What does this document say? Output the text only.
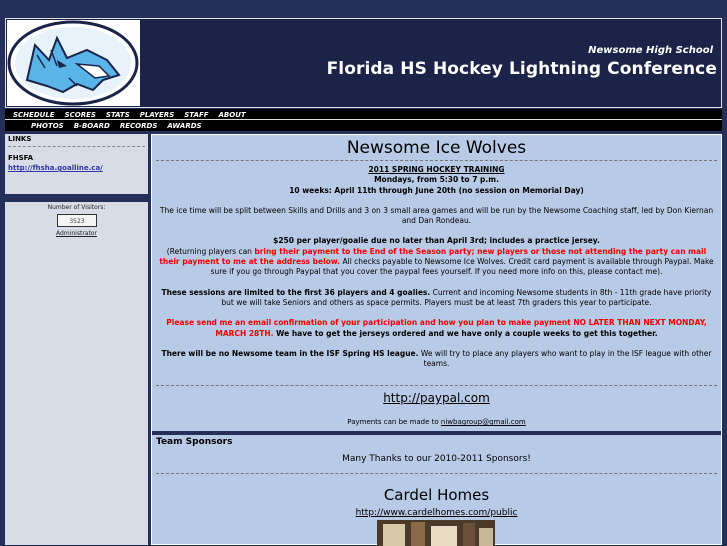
Newsome High School
Florida HS Hockey Lightning Conference
SCHEDULE SCORES STATS PLAYERS STAFF ABOUT
PHOTOS B-BOARD RECORDS AWARDS
LINKS
FHSFA
http://fhsha.goalline.ca/
Number of Visitors:
3523
Administrator
Newsome Ice Wolves

2011 SPRING HOCKEY TRAINING

Mondays, from 5:30 to 7 p.m.

10 weeks: April 11th through June 20th (no session on Memorial Day)

The ice time will be split between Skills and Drills and 3 on 3 small area games and will be run by the Newsome Coaching staff, led by Don Kiernan and Dan Rondeau.

$250 per player/goalie due no later than April 3rd; includes a practice jersey.

(Returning players can bring their payment to the End of the Season party; new players or those not attending the party can mail their payment to me at the address below. All checks payable to Newsome Ice Wolves. Credit card payment is available through Paypal. Make sure if you go through Paypal that you cover the paypal fees yourself. If you need more info on this, please contact me).

These sessions are limited to the first 36 players and 4 goalies. Current and incoming Newsome students in 8th - 11th grade have priority but we will take Seniors and others as space permits. Players must be at least 7th graders this year to participate.

Please send me an email confirmation of your participation and how you plan to make payment NO LATER THAN NEXT MONDAY, MARCH 28TH. We have to get the jerseys ordered and we have only a couple weeks to get this together.

There will be no Newsome team in the ISF Spring HS league. We will try to place any players who want to play in the ISF league with other teams.

http://paypal.com
Payments can be made to niwbagroup@gmail.com
Team Sponsors
Many Thanks to our 2010-2011 Sponsors!
Cardel Homes
http://www.cardelhomes.com/public
